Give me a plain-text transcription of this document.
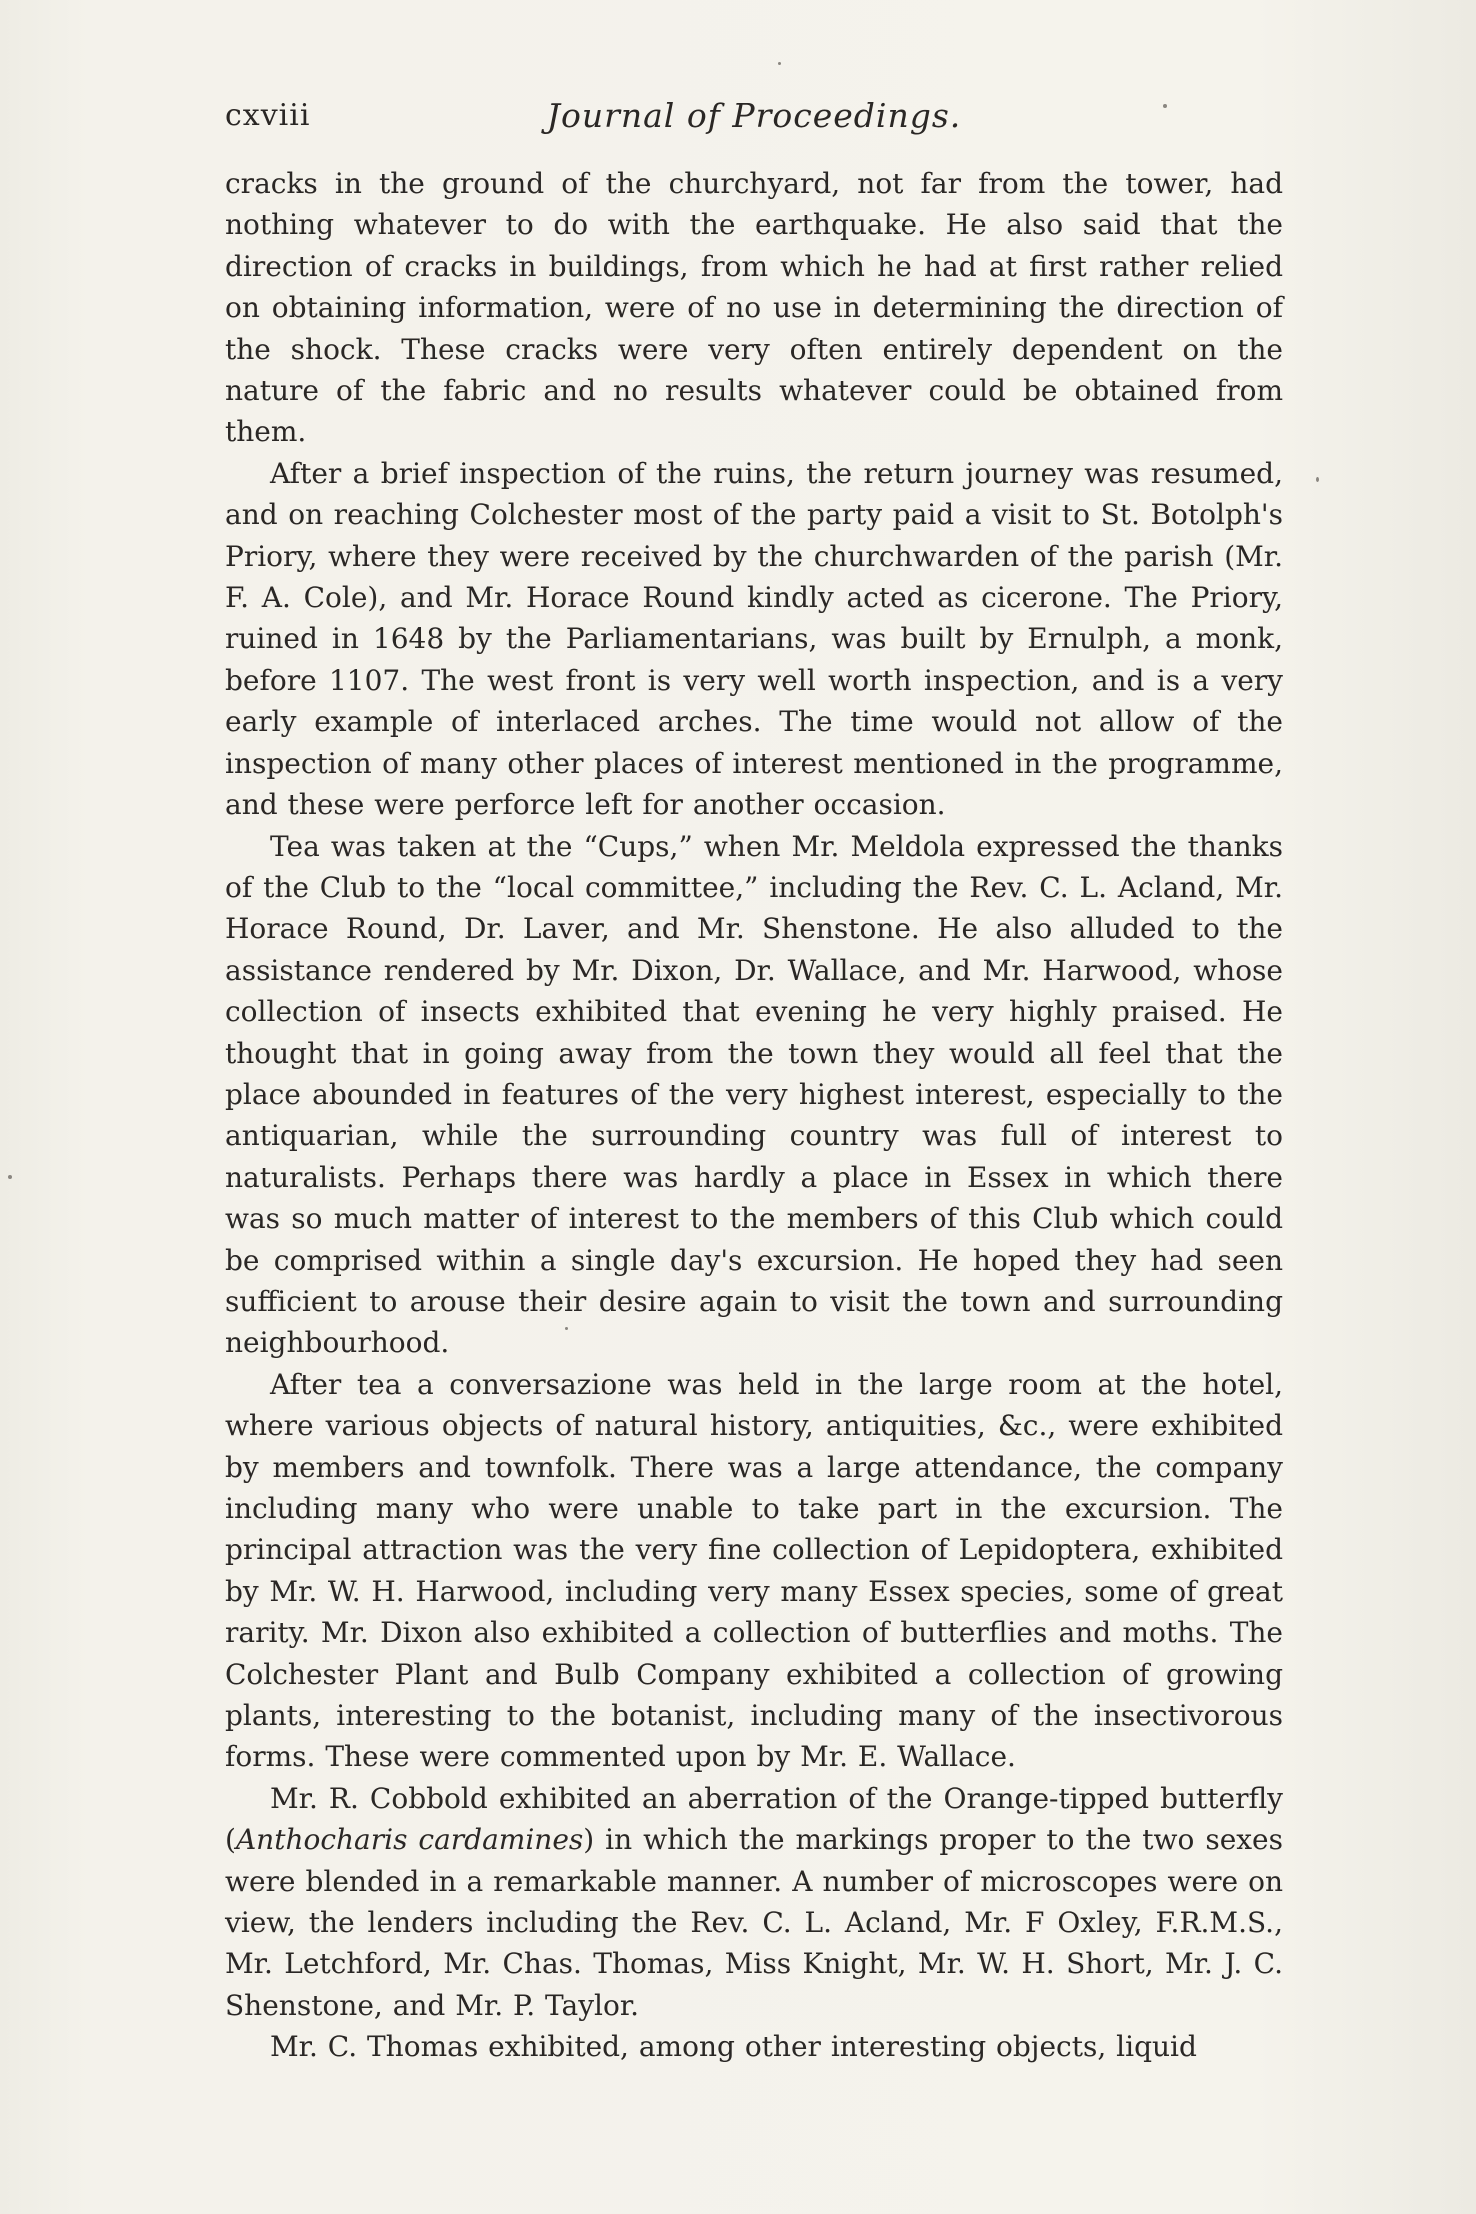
cxviii	Journal of Proceedings.

cracks in the ground of the churchyard, not far from the tower, had nothing whatever to do with the earthquake. He also said that the direction of cracks in buildings, from which he had at first rather relied on obtaining information, were of no use in determining the direction of the shock. These cracks were very often entirely dependent on the nature of the fabric and no results whatever could be obtained from them.

After a brief inspection of the ruins, the return journey was resumed, and on reaching Colchester most of the party paid a visit to St. Botolph's Priory, where they were received by the churchwarden of the parish (Mr. F. A. Cole), and Mr. Horace Round kindly acted as cicerone. The Priory, ruined in 1648 by the Parliamentarians, was built by Ernulph, a monk, before 1107. The west front is very well worth inspection, and is a very early example of interlaced arches. The time would not allow of the inspection of many other places of interest mentioned in the programme, and these were perforce left for another occasion.

Tea was taken at the “Cups,” when Mr. Meldola expressed the thanks of the Club to the “local committee,” including the Rev. C. L. Acland, Mr. Horace Round, Dr. Laver, and Mr. Shenstone. He also alluded to the assistance rendered by Mr. Dixon, Dr. Wallace, and Mr. Harwood, whose collection of insects exhibited that evening he very highly praised. He thought that in going away from the town they would all feel that the place abounded in features of the very highest interest, especially to the antiquarian, while the surrounding country was full of interest to naturalists. Perhaps there was hardly a place in Essex in which there was so much matter of interest to the members of this Club which could be comprised within a single day's excursion. He hoped they had seen sufficient to arouse their desire again to visit the town and surrounding neighbourhood.

After tea a conversazione was held in the large room at the hotel, where various objects of natural history, antiquities, &c., were exhibited by members and townfolk. There was a large attendance, the company including many who were unable to take part in the excursion. The principal attraction was the very fine collection of Lepidoptera, exhibited by Mr. W. H. Harwood, including very many Essex species, some of great rarity. Mr. Dixon also exhibited a collection of butterflies and moths. The Colchester Plant and Bulb Company exhibited a collection of growing plants, interesting to the botanist, including many of the insectivorous forms. These were commented upon by Mr. E. Wallace.

Mr. R. Cobbold exhibited an aberration of the Orange-tipped butterfly (Anthocharis cardamines) in which the markings proper to the two sexes were blended in a remarkable manner. A number of microscopes were on view, the lenders including the Rev. C. L. Acland, Mr. F Oxley, F.R.M.S., Mr. Letchford, Mr. Chas. Thomas, Miss Knight, Mr. W. H. Short, Mr. J. C. Shenstone, and Mr. P. Taylor.

Mr. C. Thomas exhibited, among other interesting objects, liquid
